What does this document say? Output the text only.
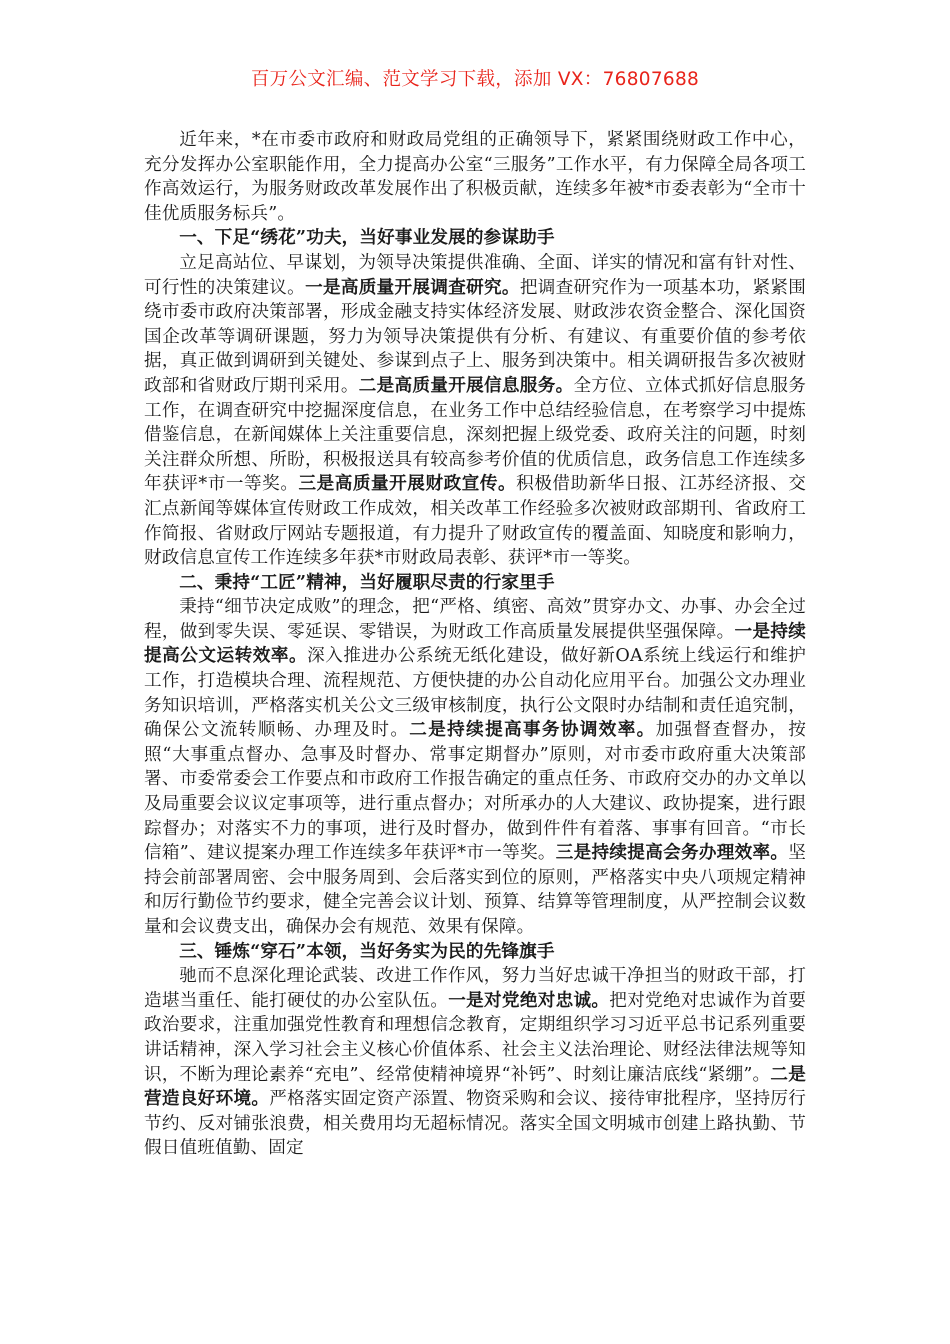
百万公文汇编、范文学习下载，添加 VX：76807688

近年来，*在市委市政府和财政局党组的正确领导下，紧紧围绕财政工作中心，充分发挥办公室职能作用，全力提高办公室“三服务”工作水平，有力保障全局各项工作高效运行，为服务财政改革发展作出了积极贡献，连续多年被*市委表彰为“全市十佳优质服务标兵”。

一、下足“绣花”功夫，当好事业发展的参谋助手

立足高站位、早谋划，为领导决策提供准确、全面、详实的情况和富有针对性、可行性的决策建议。一是高质量开展调查研究。把调查研究作为一项基本功，紧紧围绕市委市政府决策部署，形成金融支持实体经济发展、财政涉农资金整合、深化国资国企改革等调研课题，努力为领导决策提供有分析、有建议、有重要价值的参考依据，真正做到调研到关键处、参谋到点子上、服务到决策中。相关调研报告多次被财政部和省财政厅期刊采用。二是高质量开展信息服务。全方位、立体式抓好信息服务工作，在调查研究中挖掘深度信息，在业务工作中总结经验信息，在考察学习中提炼借鉴信息，在新闻媒体上关注重要信息，深刻把握上级党委、政府关注的问题，时刻关注群众所想、所盼，积极报送具有较高参考价值的优质信息，政务信息工作连续多年获评*市一等奖。三是高质量开展财政宣传。积极借助新华日报、江苏经济报、交汇点新闻等媒体宣传财政工作成效，相关改革工作经验多次被财政部期刊、省政府工作简报、省财政厅网站专题报道，有力提升了财政宣传的覆盖面、知晓度和影响力，财政信息宣传工作连续多年获*市财政局表彰、获评*市一等奖。

二、秉持“工匠”精神，当好履职尽责的行家里手

秉持“细节决定成败”的理念，把“严格、缜密、高效”贯穿办文、办事、办会全过程，做到零失误、零延误、零错误，为财政工作高质量发展提供坚强保障。一是持续提高公文运转效率。深入推进办公系统无纸化建设，做好新OA系统上线运行和维护工作，打造模块合理、流程规范、方便快捷的办公自动化应用平台。加强公文办理业务知识培训，严格落实机关公文三级审核制度，执行公文限时办结制和责任追究制，确保公文流转顺畅、办理及时。二是持续提高事务协调效率。加强督查督办，按照“大事重点督办、急事及时督办、常事定期督办”原则，对市委市政府重大决策部署、市委常委会工作要点和市政府工作报告确定的重点任务、市政府交办的办文单以及局重要会议议定事项等，进行重点督办；对所承办的人大建议、政协提案，进行跟踪督办；对落实不力的事项，进行及时督办，做到件件有着落、事事有回音。“市长信箱”、建议提案办理工作连续多年获评*市一等奖。三是持续提高会务办理效率。坚持会前部署周密、会中服务周到、会后落实到位的原则，严格落实中央八项规定精神和厉行勤俭节约要求，健全完善会议计划、预算、结算等管理制度，从严控制会议数量和会议费支出，确保办会有规范、效果有保障。

三、锤炼“穿石”本领，当好务实为民的先锋旗手

驰而不息深化理论武装、改进工作作风，努力当好忠诚干净担当的财政干部，打造堪当重任、能打硬仗的办公室队伍。一是对党绝对忠诚。把对党绝对忠诚作为首要政治要求，注重加强党性教育和理想信念教育，定期组织学习习近平总书记系列重要讲话精神，深入学习社会主义核心价值体系、社会主义法治理论、财经法律法规等知识，不断为理论素养“充电”、经常使精神境界“补钙”、时刻让廉洁底线“紧绷”。二是营造良好环境。严格落实固定资产添置、物资采购和会议、接待审批程序，坚持厉行节约、反对铺张浪费，相关费用均无超标情况。落实全国文明城市创建上路执勤、节假日值班值勤、固定
